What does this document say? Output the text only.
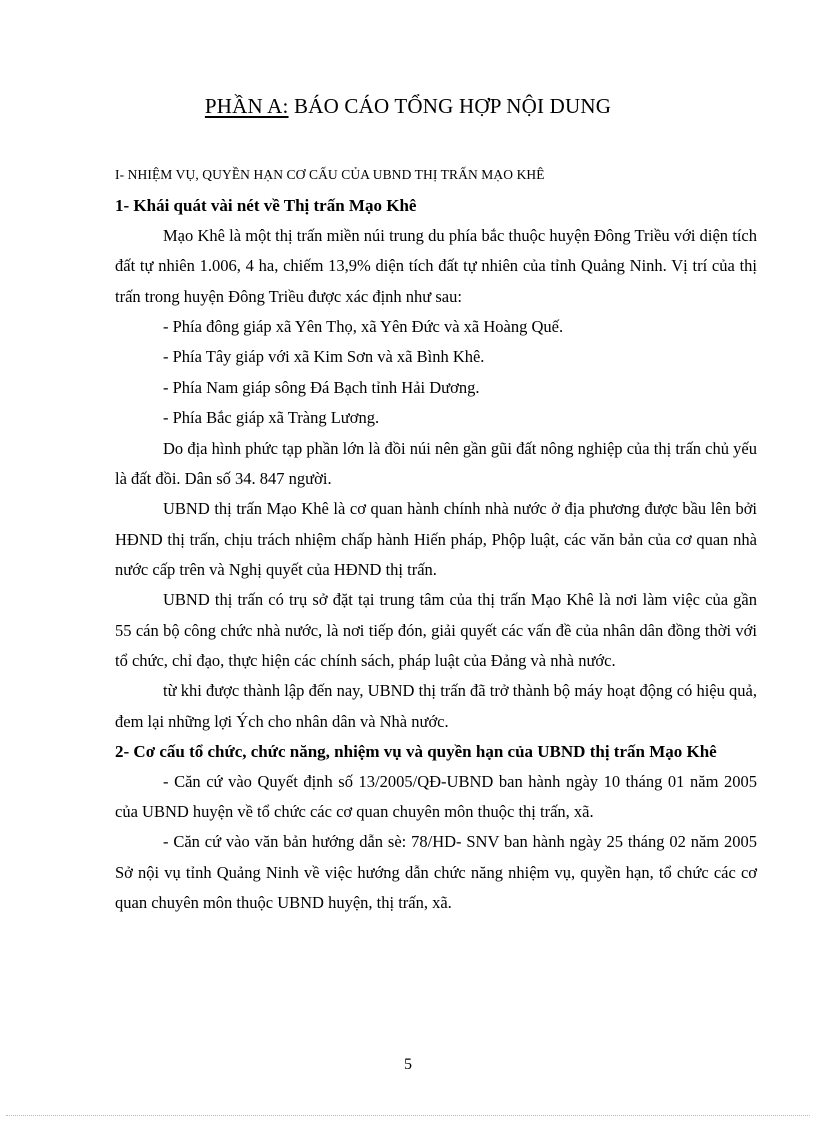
PHẦN A: BÁO CÁO TỔNG HỢP NỘI DUNG
I- NHIỆM VỤ, QUYỀN HẠN CƠ CẤU CỦA UBND THỊ TRẤN MẠO KHÊ
1- Khái quát vài nét về Thị trấn Mạo Khê

Mạo Khê là một thị trấn miền núi trung du phía bắc thuộc huyện Đông Triều với diện tích đất tự nhiên 1.006, 4 ha, chiếm 13,9% diện tích đất tự nhiên của tỉnh Quảng Ninh. Vị trí của thị trấn trong huyện Đông Triều được xác định như sau:

- Phía đông giáp xã Yên Thọ, xã Yên Đức và xã Hoàng Quế.
- Phía Tây giáp với xã Kim Sơn và xã Bình Khê.
- Phía Nam giáp sông Đá Bạch tỉnh Hải Dương.
- Phía Bắc giáp xã Tràng Lương.

Do địa hình phức tạp phần lớn là đồi núi nên gần gũi đất nông nghiệp của thị trấn chủ yếu là đất đồi. Dân số 34. 847 người.

UBND thị trấn Mạo Khê là cơ quan hành chính nhà nước ở địa phương được bầu lên bởi HĐND thị trấn, chịu trách nhiệm chấp hành Hiến pháp, Phộp luật, các văn bản của cơ quan nhà nước cấp trên và Nghị quyết của HĐND thị trấn.

UBND thị trấn có trụ sở đặt tại trung tâm của thị trấn Mạo Khê là nơi làm việc của gần 55 cán bộ công chức nhà nước, là nơi tiếp đón, giải quyết các vấn đề của nhân dân đồng thời với tổ chức, chỉ đạo, thực hiện các chính sách, pháp luật của Đảng và nhà nước.

từ khi được thành lập đến nay, UBND thị trấn đã trở thành bộ máy hoạt động có hiệu quả, đem lại những lợi Ých cho nhân dân và Nhà nước.

2- Cơ cấu tổ chức, chức năng, nhiệm vụ và quyền hạn của UBND thị trấn Mạo Khê

- Căn cứ vào Quyết định số 13/2005/QĐ-UBND ban hành ngày 10 tháng 01 năm 2005 của UBND huyện về tổ chức các cơ quan chuyên môn thuộc thị trấn, xã.

- Căn cứ vào văn bản hướng dẫn sè: 78/HD- SNV ban hành ngày 25 tháng 02 năm 2005 Sở nội vụ tỉnh Quảng Ninh về việc hướng dẫn chức năng nhiệm vụ, quyền hạn, tổ chức các cơ quan chuyên môn thuộc UBND huyện, thị trấn, xã.

5
